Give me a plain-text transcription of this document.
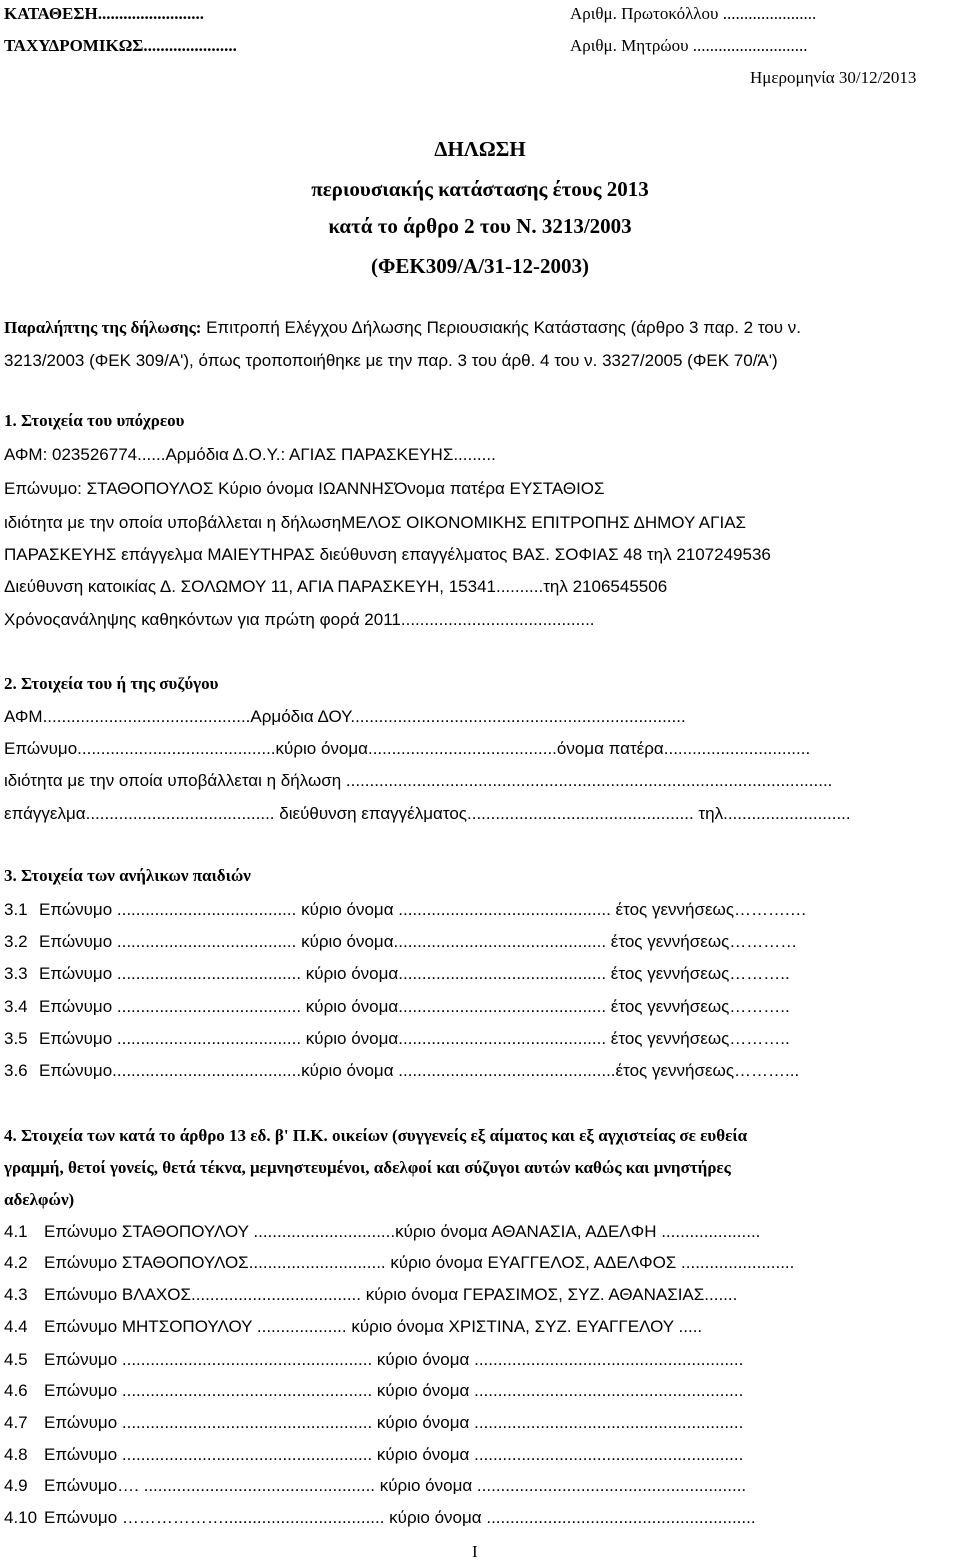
ΚΑΤΑΘΕΣΗ.........................
ΤΑΧΥΔΡΟΜΙΚΩΣ......................
Αριθμ. Πρωτοκόλλου ......................
Αριθμ. Μητρώου ...........................
Ημερομηνία 30/12/2013
ΔΗΛΩΣΗ
περιουσιακής κατάστασης έτους 2013
κατά το άρθρο 2 του Ν. 3213/2003
(ΦΕΚ309/Α/31-12-2003)
Παραλήπτης της δήλωσης: Επιτροπή Ελέγχου Δήλωσης Περιουσιακής Κατάστασης (άρθρο 3 παρ. 2 του ν.
3213/2003 (ΦΕΚ 309/Α'), όπως τροποποιήθηκε με την παρ. 3 του άρθ. 4 του ν. 3327/2005 (ΦΕΚ 70/Ά')
1. Στοιχεία του υπόχρεου
ΑΦΜ: 023526774......Αρμόδια Δ.Ο.Υ.: ΑΓΙΑΣ ΠΑΡΑΣΚΕΥΗΣ.........
Επώνυμο: ΣΤΑΘΟΠΟΥΛΟΣ Κύριο όνομα ΙΩΑΝΝΗΣΌνομα πατέρα ΕΥΣΤΑΘΙΟΣ
ιδιότητα με την οποία υποβάλλεται η δήλωσηΜΕΛΟΣ ΟΙΚΟΝΟΜΙΚΗΣ ΕΠΙΤΡΟΠΗΣ ΔΗΜΟΥ ΑΓΙΑΣ
ΠΑΡΑΣΚΕΥΗΣ επάγγελμα ΜΑΙΕΥΤΗΡΑΣ διεύθυνση επαγγέλματος ΒΑΣ. ΣΟΦΙΑΣ 48 τηλ 2107249536
Διεύθυνση κατοικίας Δ. ΣΟΛΩΜΟΥ 11, ΑΓΙΑ ΠΑΡΑΣΚΕΥΗ, 15341..........τηλ 2106545506
Χρόνοςανάληψης καθηκόντων για πρώτη φορά 2011.........................................
2. Στοιχεία του ή της συζύγου
ΑΦΜ............................................Αρμόδια ΔΟΥ.......................................................................
Επώνυμο..........................................κύριο όνομα........................................όνομα πατέρα...............................
ιδιότητα με την οποία υποβάλλεται η δήλωση .......................................................................................................
επάγγελμα........................................ διεύθυνση επαγγέλματος................................................ τηλ...........................
3. Στοιχεία των ανήλικων παιδιών
3.1 Επώνυμο ...................................... κύριο όνομα ............................................. έτος γεννήσεως……….…
3.2 Επώνυμο ...................................... κύριο όνομα............................................. έτος γεννήσεως…………
3.3 Επώνυμο ....................................... κύριο όνομα............................................ έτος γεννήσεως………..
3.4 Επώνυμο ....................................... κύριο όνομα............................................ έτος γεννήσεως………..
3.5 Επώνυμο ....................................... κύριο όνομα............................................ έτος γεννήσεως………..
3.6 Επώνυμο........................................κύριο όνομα ..............................................έτος γεννήσεως………...
4. Στοιχεία των κατά το άρθρο 13 εδ. β' Π.Κ. οικείων (συγγενείς εξ αίματος και εξ αγχιστείας σε ευθεία
γραμμή, θετοί γονείς, θετά τέκνα, μεμνηστευμένοι, αδελφοί και σύζυγοι αυτών καθώς και μνηστήρες
αδελφών)
4.1 Επώνυμο ΣΤΑΘΟΠΟΥΛΟΥ ..............................κύριο όνομα ΑΘΑΝΑΣΙΑ, ΑΔΕΛΦΗ .....................
4.2 Επώνυμο ΣΤΑΘΟΠΟΥΛΟΣ............................. κύριο όνομα ΕΥΑΓΓΕΛΟΣ, ΑΔΕΛΦΟΣ ........................
4.3 Επώνυμο ΒΛΑΧΟΣ.................................... κύριο όνομα ΓΕΡΑΣΙΜΟΣ, ΣΥΖ. ΑΘΑΝΑΣΙΑΣ.......
4.4 Επώνυμο ΜΗΤΣΟΠΟΥΛΟΥ ................... κύριο όνομα ΧΡΙΣΤΙΝΑ, ΣΥΖ. ΕΥΑΓΓΕΛΟΥ .....
4.5 Επώνυμο ..................................................... κύριο όνομα .........................................................
4.6 Επώνυμο ..................................................... κύριο όνομα .........................................................
4.7 Επώνυμο ..................................................... κύριο όνομα .........................................................
4.8 Επώνυμο ..................................................... κύριο όνομα .........................................................
4.9 Επώνυμο…. ................................................. κύριο όνομα .........................................................
4.10 Επώνυμο ……………….................................. κύριο όνομα .........................................................
I
